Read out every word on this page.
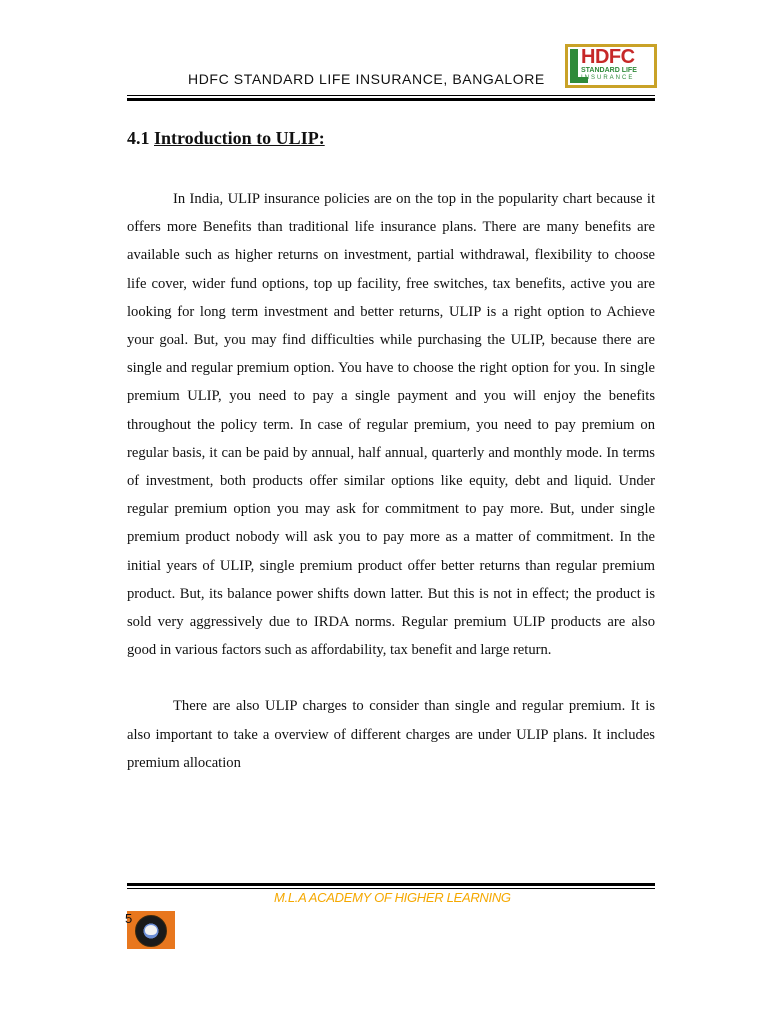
HDFC STANDARD LIFE INSURANCE, BANGALORE
HDFC
STANDARD LIFE
INSURANCE
4.1 Introduction to ULIP:

In India, ULIP insurance policies are on the top in the popularity chart because it offers more Benefits than traditional life insurance plans. There are many benefits are available such as higher returns on investment, partial withdrawal, flexibility to choose life cover, wider fund options, top up facility, free switches, tax benefits, active you are looking for long term investment and better returns, ULIP is a right option to Achieve your goal. But, you may find difficulties while purchasing the ULIP, because there are single and regular premium option. You have to choose the right option for you. In single premium ULIP, you need to pay a single payment and you will enjoy the benefits throughout the policy term. In case of regular premium, you need to pay premium on regular basis, it can be paid by annual, half annual, quarterly and monthly mode. In terms of investment, both products offer similar options like equity, debt and liquid. Under regular premium option you may ask for commitment to pay more. But, under single premium product nobody will ask you to pay more as a matter of commitment. In the initial years of ULIP, single premium product offer better returns than regular premium product. But, its balance power shifts down latter. But this is not in effect; the product is sold very aggressively due to IRDA norms. Regular premium ULIP products are also good in various factors such as affordability, tax benefit and large return.

There are also ULIP charges to consider than single and regular premium. It is also important to take a overview of different charges are under ULIP plans. It includes premium allocation

M.L.A ACADEMY OF HIGHER LEARNING
5
